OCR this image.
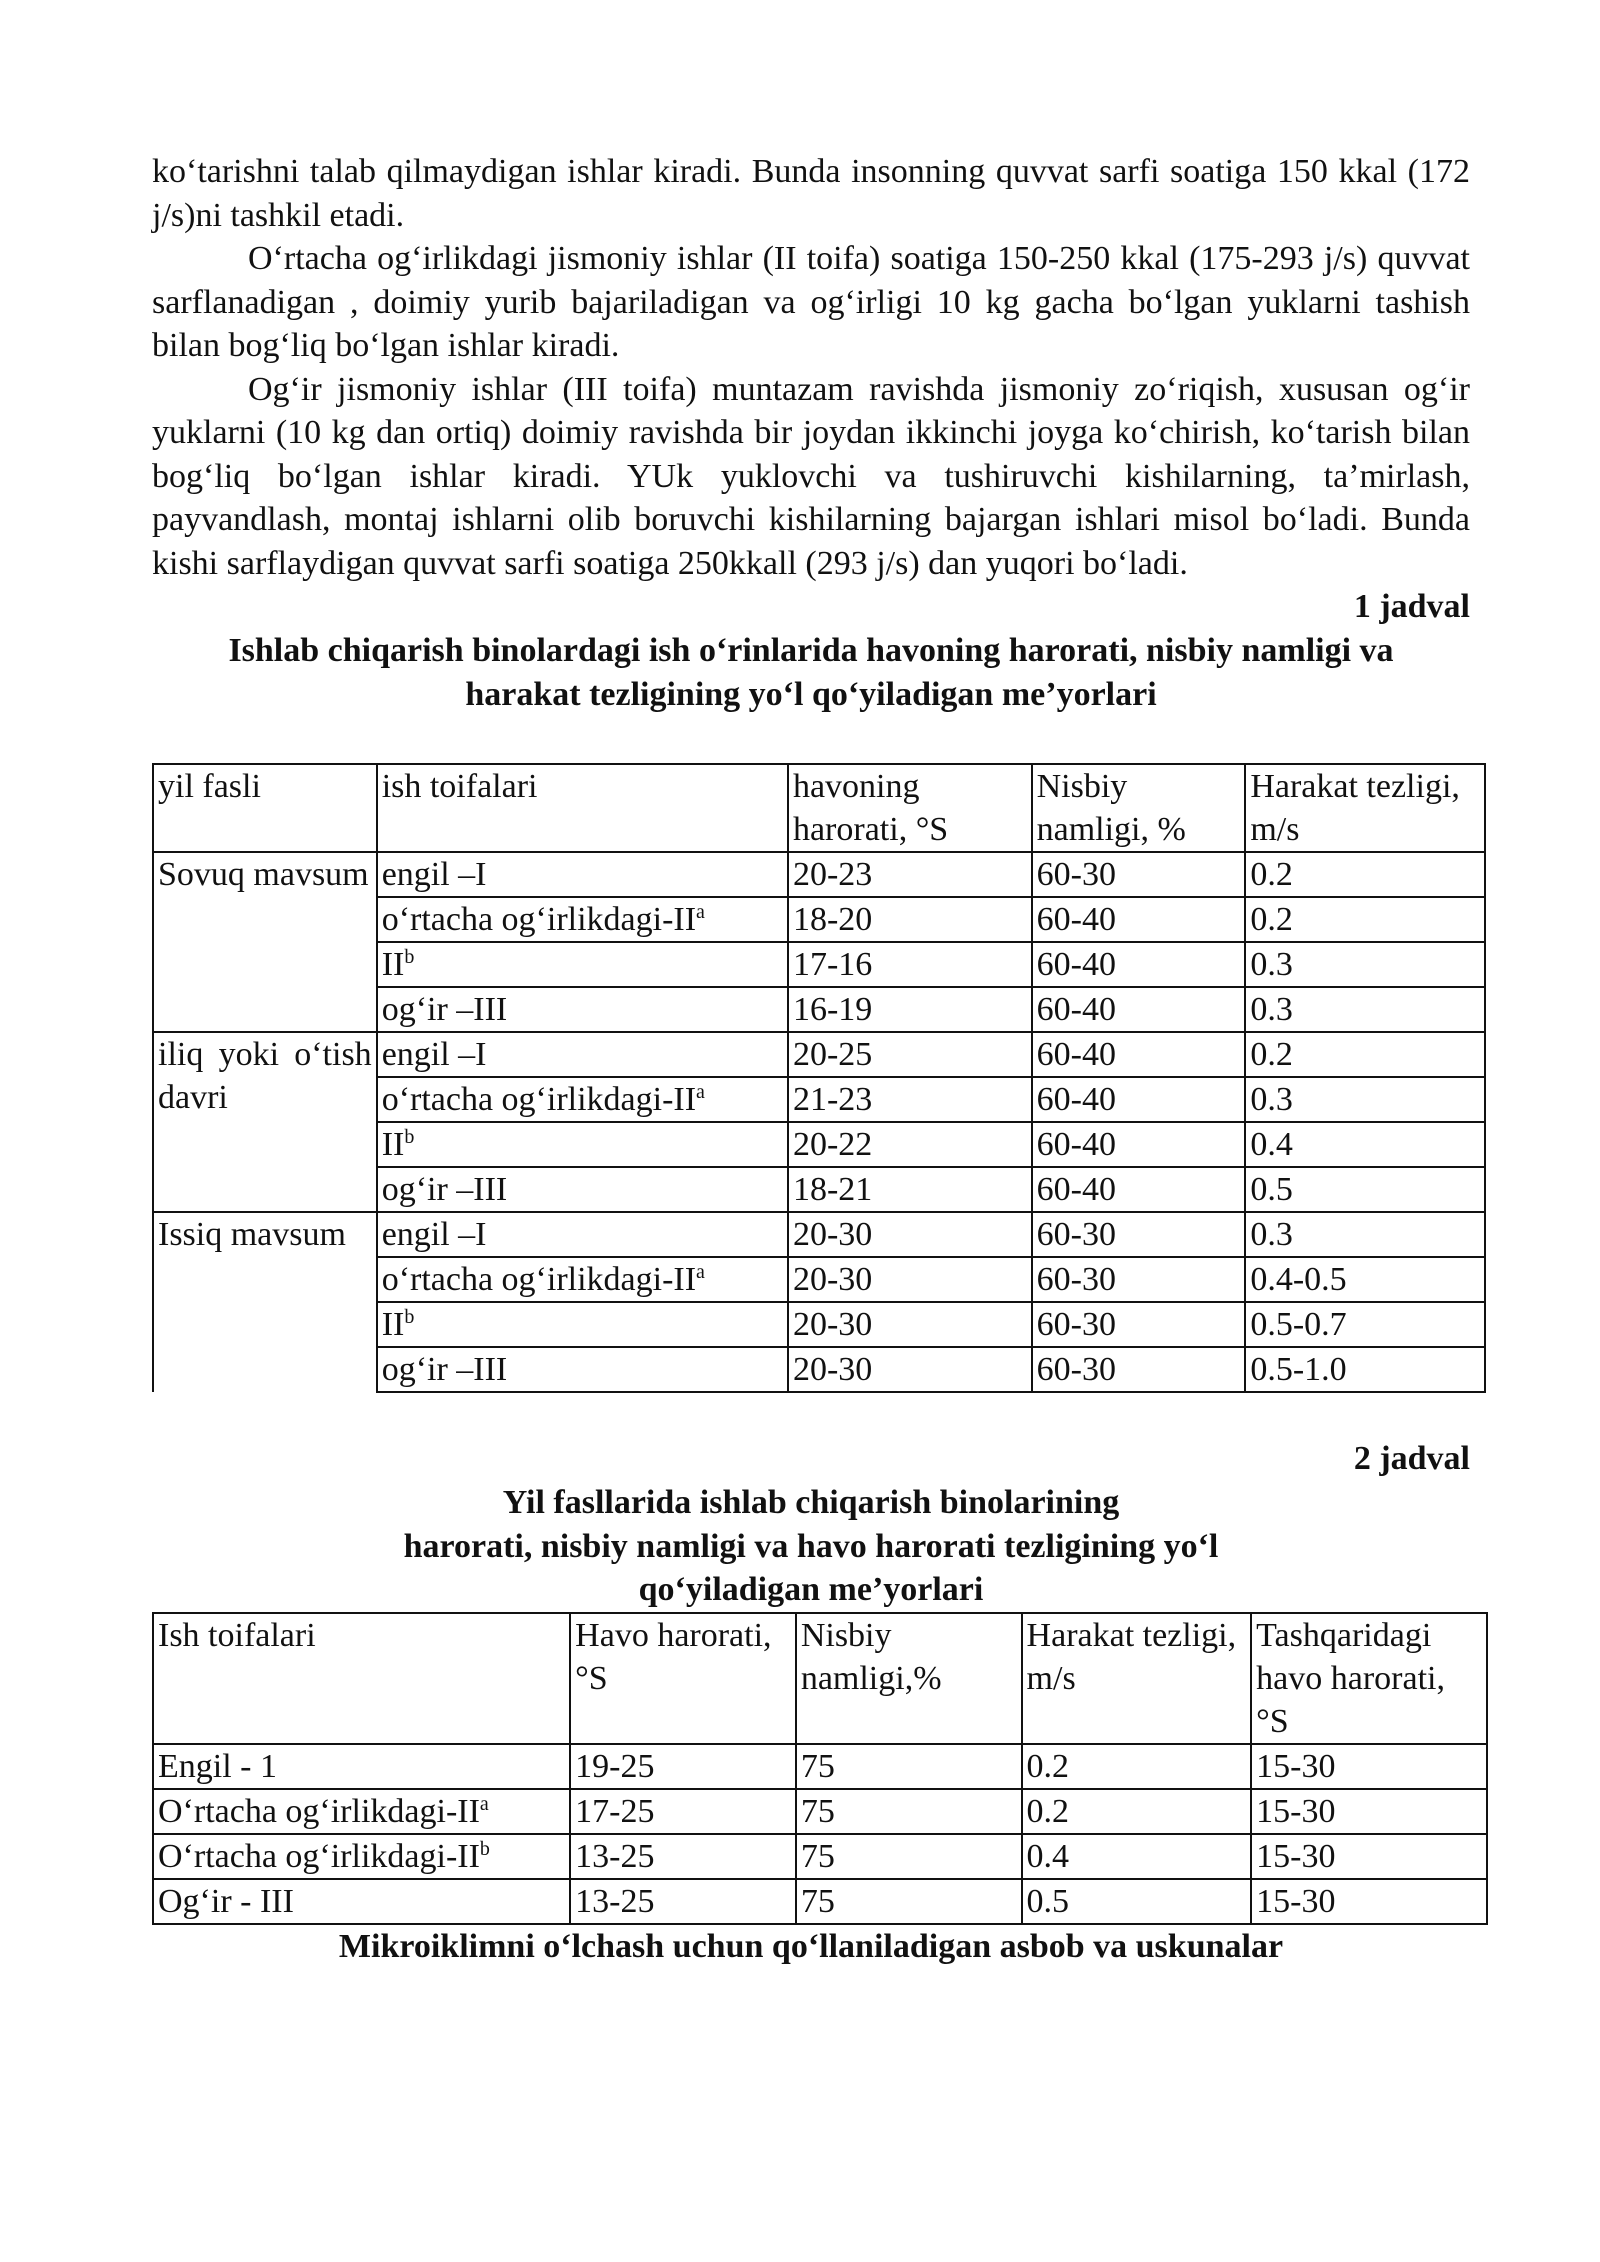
ko‘tarishni talab qilmaydigan ishlar kiradi. Bunda insonning quvvat sarfi soatiga 150 kkal (172 j/s)ni tashkil etadi.

O‘rtacha og‘irlikdagi jismoniy ishlar (II toifa) soatiga 150-250 kkal (175-293 j/s) quvvat sarflanadigan , doimiy yurib bajariladigan va og‘irligi 10 kg gacha bo‘lgan yuklarni tashish bilan bog‘liq bo‘lgan ishlar kiradi.

Og‘ir jismoniy ishlar (III toifa) muntazam ravishda jismoniy zo‘riqish, xususan og‘ir yuklarni (10 kg dan ortiq) doimiy ravishda bir joydan ikkinchi joyga ko‘chirish, ko‘tarish bilan bog‘liq bo‘lgan ishlar kiradi. YUk yuklovchi va tushiruvchi kishilarning, ta’mirlash, payvandlash, montaj ishlarni olib boruvchi kishilarning bajargan ishlari misol bo‘ladi. Bunda kishi sarflaydigan quvvat sarfi soatiga 250kkall (293 j/s) dan yuqori bo‘ladi.

1 jadval
Ishlab chiqarish binolardagi ish o‘rinlarida havoning harorati, nisbiy namligi va
harakat tezligining yo‘l qo‘yiladigan me’yorlari
yil fasli	ish toifalari	havoning harorati, °S	Nisbiy namligi, %	Harakat tezligi, m/s
Sovuq mavsum	engil –I	20-23	60-30	0.2
	o‘rtacha $og‘irlikdagi-II^a$	18-20	60-40	0.2
	$II^b$	17-16	60-40	0.3
	og‘ir –III	16-19	60-40	0.3
iliq yoki o‘tish davri	engil –I	20-25	60-40	0.2
	o‘rtacha $og‘irlikdagi-II^a$	21-23	60-40	0.3
	$II^b$	20-22	60-40	0.4
	og‘ir –III	18-21	60-40	0.5
Issiq mavsum	engil –I	20-30	60-30	0.3
	o‘rtacha $og‘irlikdagi-II^a$	20-30	60-30	0.4-0.5
	$II^b$	20-30	60-30	0.5-0.7
	og‘ir –III	20-30	60-30	0.5-1.0
2 jadval
Yil fasllarida ishlab chiqarish binolarining
harorati, nisbiy namligi va havo harorati tezligining yo‘l
qo‘yiladigan me’yorlari
Ish toifalari	Havo harorati,°S	Nisbiy namligi,%	Harakat tezligi, m/s	Tashqaridagi havo harorati, °S
Engil - 1	19-25	75	0.2	15-30
O‘rtacha $og‘irlikdagi-II^a$	17-25	75	0.2	15-30
O‘rtacha $og‘irlikdagi-II^b$	13-25	75	0.4	15-30
Og‘ir - III	13-25	75	0.5	15-30
Mikroiklimni o‘lchash uchun qo‘llaniladigan asbob va uskunalar
